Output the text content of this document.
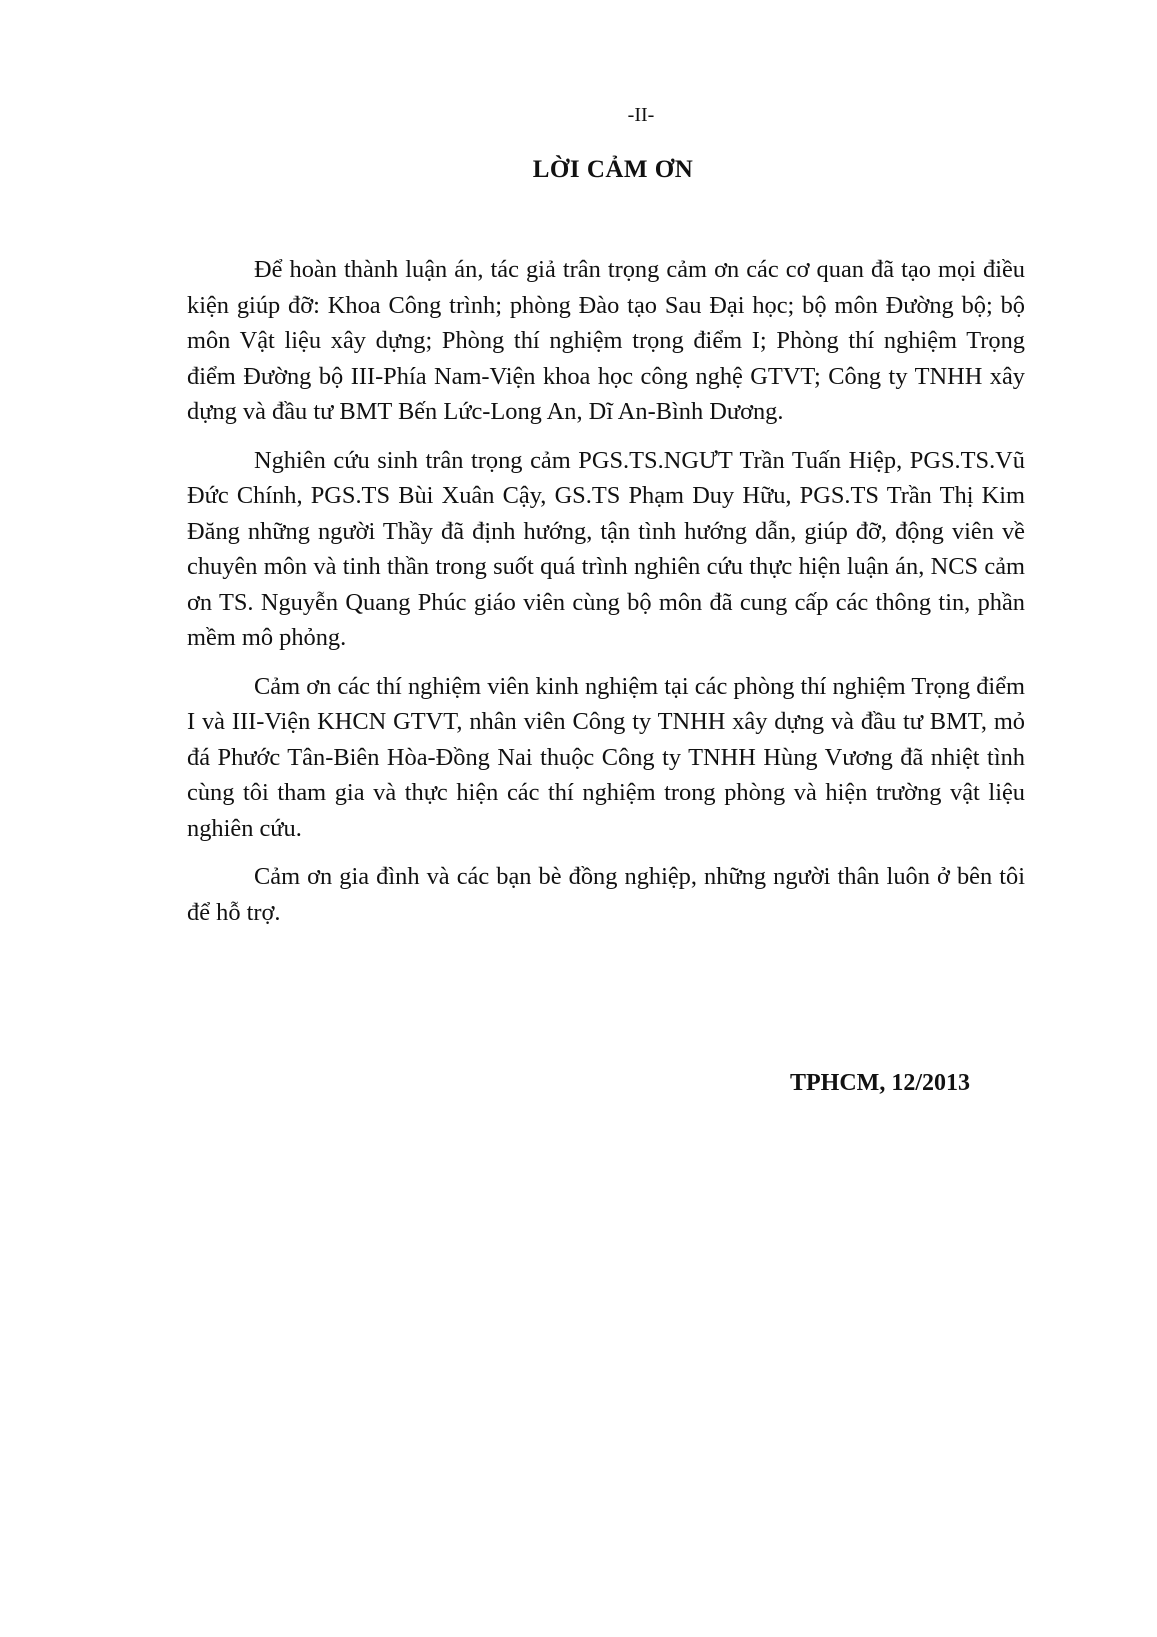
-II-
LỜI CẢM ƠN

Để hoàn thành luận án, tác giả trân trọng cảm ơn các cơ quan đã tạo mọi điều kiện giúp đỡ: Khoa Công trình; phòng Đào tạo Sau Đại học; bộ môn Đường bộ; bộ môn Vật liệu xây dựng; Phòng thí nghiệm trọng điểm I; Phòng thí nghiệm Trọng điểm Đường bộ III-Phía Nam-Viện khoa học công nghệ GTVT; Công ty TNHH xây dựng và đầu tư BMT Bến Lức-Long An, Dĩ An-Bình Dương.

Nghiên cứu sinh trân trọng cảm PGS.TS.NGƯT Trần Tuấn Hiệp, PGS.TS.Vũ Đức Chính, PGS.TS Bùi Xuân Cậy, GS.TS Phạm Duy Hữu, PGS.TS Trần Thị Kim Đăng những người Thầy đã định hướng, tận tình hướng dẫn, giúp đỡ, động viên về chuyên môn và tinh thần trong suốt quá trình nghiên cứu thực hiện luận án, NCS cảm ơn TS. Nguyễn Quang Phúc giáo viên cùng bộ môn đã cung cấp các thông tin, phần mềm mô phỏng.

Cảm ơn các thí nghiệm viên kinh nghiệm tại các phòng thí nghiệm Trọng điểm I và III-Viện KHCN GTVT, nhân viên Công ty TNHH xây dựng và đầu tư BMT, mỏ đá Phước Tân-Biên Hòa-Đồng Nai thuộc Công ty TNHH Hùng Vương đã nhiệt tình cùng tôi tham gia và thực hiện các thí nghiệm trong phòng và hiện trường vật liệu nghiên cứu.

Cảm ơn gia đình và các bạn bè đồng nghiệp, những người thân luôn ở bên tôi để hỗ trợ.

TPHCM, 12/2013
